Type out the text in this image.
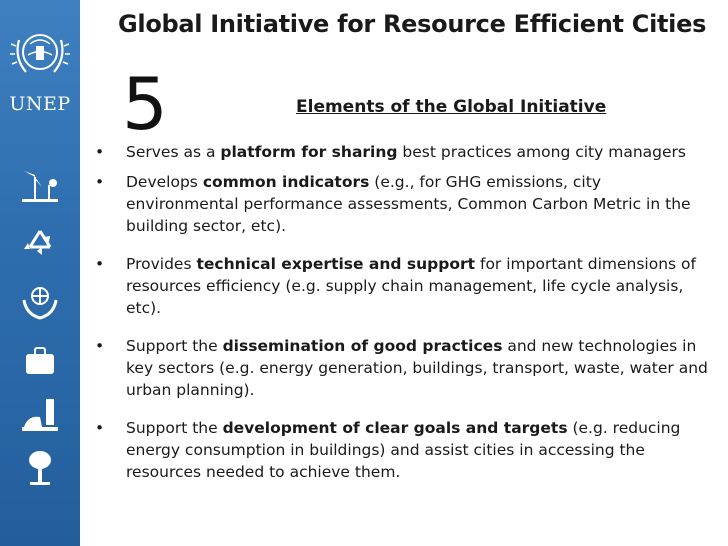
UNEP
Global Initiative for Resource Efficient Cities
5	Elements of the Global Initiative
• Serves as a platform for sharing best practices among city managers
• Develops common indicators (e.g., for GHG emissions, city environmental performance assessments, Common Carbon Metric in the building sector, etc).
• Provides technical expertise and support for important dimensions of resources efficiency (e.g. supply chain management, life cycle analysis, etc).
• Support the dissemination of good practices and new technologies in key sectors (e.g. energy generation, buildings, transport, waste, water and urban planning).
• Support the development of clear goals and targets (e.g. reducing energy consumption in buildings) and assist cities in accessing the resources needed to achieve them.
